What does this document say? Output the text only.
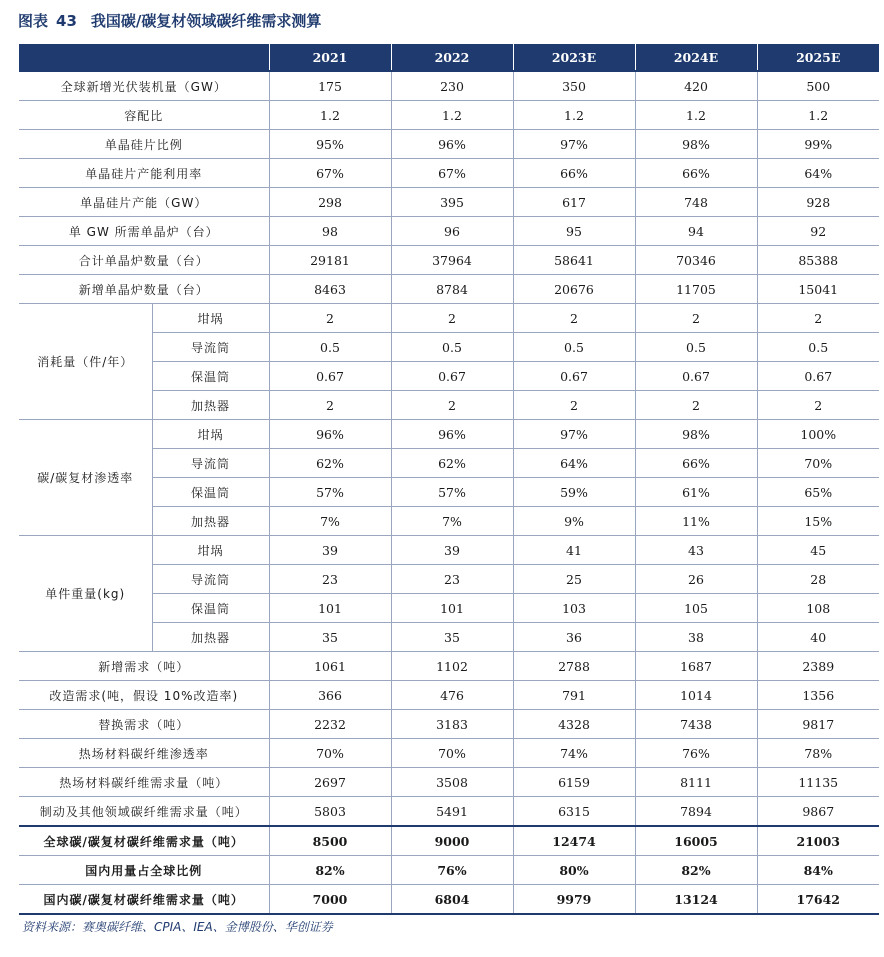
图表 43 我国碳/碳复材领域碳纤维需求测算
		2021	2022	2023E	2024E	2025E
全球新增光伏装机量（GW）		175	230	350	420	500
容配比		1.2	1.2	1.2	1.2	1.2
单晶硅片比例		95%	96%	97%	98%	99%
单晶硅片产能利用率		67%	67%	66%	66%	64%
单晶硅片产能（GW）		298	395	617	748	928
单 GW 所需单晶炉（台）		98	96	95	94	92
合计单晶炉数量（台）		29181	37964	58641	70346	85388
新增单晶炉数量（台）		8463	8784	20676	11705	15041
消耗量（件/年）	坩埚	2	2	2	2	2
	导流筒	0.5	0.5	0.5	0.5	0.5
	保温筒	0.67	0.67	0.67	0.67	0.67
	加热器	2	2	2	2	2
碳/碳复材渗透率	坩埚	96%	96%	97%	98%	100%
	导流筒	62%	62%	64%	66%	70%
	保温筒	57%	57%	59%	61%	65%
	加热器	7%	7%	9%	11%	15%
单件重量(kg)	坩埚	39	39	41	43	45
	导流筒	23	23	25	26	28
	保温筒	101	101	103	105	108
	加热器	35	35	36	38	40
新增需求（吨）		1061	1102	2788	1687	2389
改造需求(吨，假设 10%改造率)		366	476	791	1014	1356
替换需求（吨）		2232	3183	4328	7438	9817
热场材料碳纤维渗透率		70%	70%	74%	76%	78%
热场材料碳纤维需求量（吨）		2697	3508	6159	8111	11135
制动及其他领域碳纤维需求量（吨）		5803	5491	6315	7894	9867
全球碳/碳复材碳纤维需求量（吨）		8500	9000	12474	16005	21003
国内用量占全球比例		82%	76%	80%	82%	84%
国内碳/碳复材碳纤维需求量（吨）		7000	6804	9979	13124	17642
资料来源：赛奥碳纤维、CPIA、IEA、金博股份、华创证券
